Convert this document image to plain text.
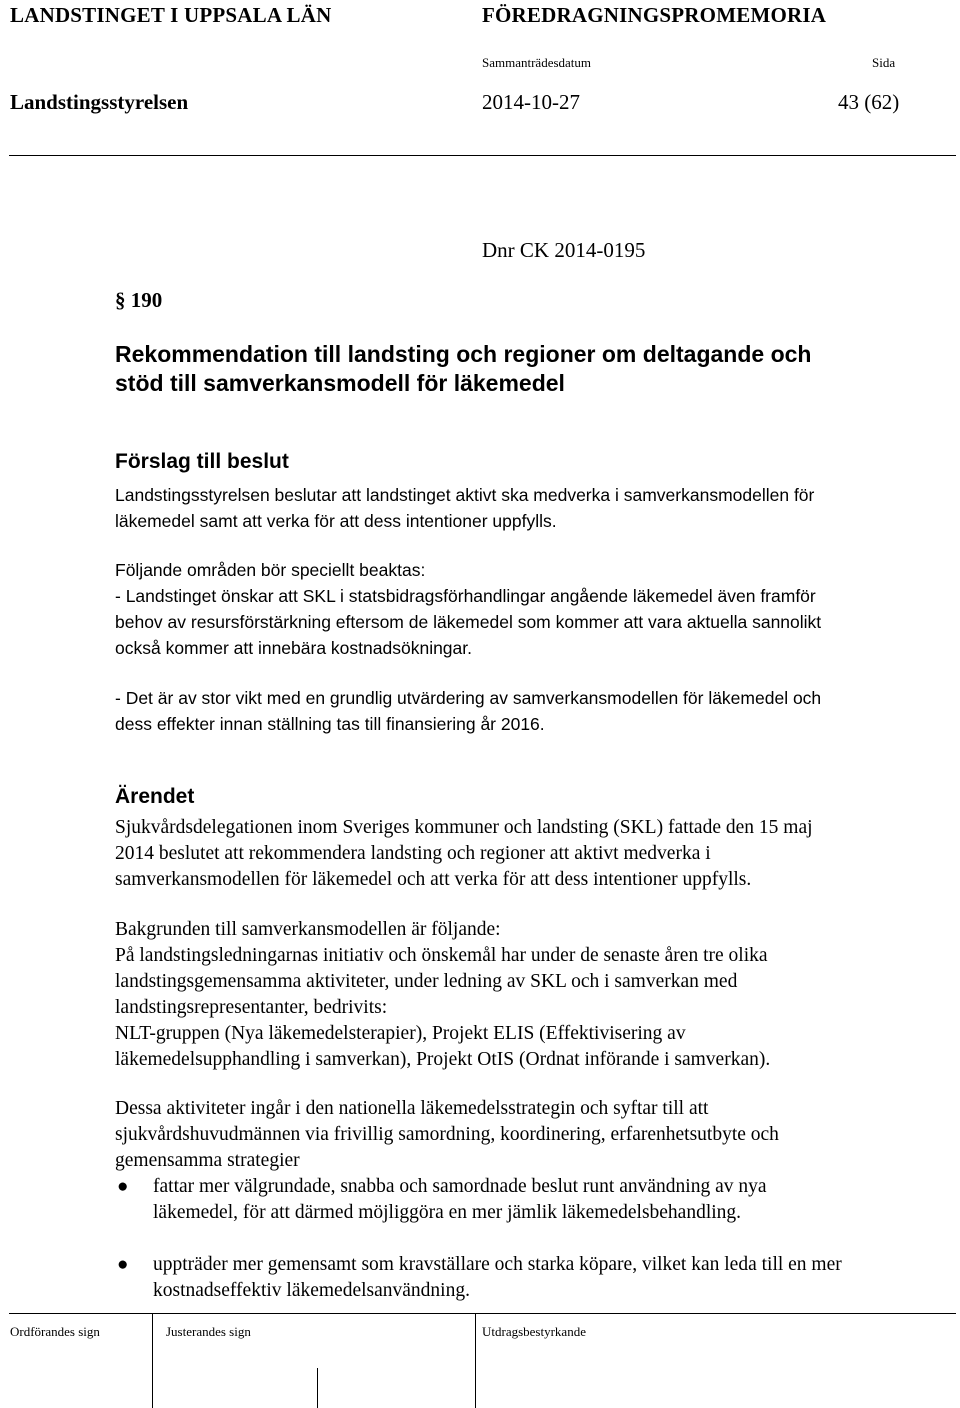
LANDSTINGET I UPPSALA LÄN	FÖREDRAGNINGSPROMEMORIA
Sammanträdesdatum	Sida
Landstingsstyrelsen	2014-10-27	43 (62)
Dnr CK 2014-0195
§ 190
Rekommendation till landsting och regioner om deltagande och
stöd till samverkansmodell för läkemedel
Förslag till beslut
Landstingsstyrelsen beslutar att landstinget aktivt ska medverka i samverkansmodellen för
läkemedel samt att verka för att dess intentioner uppfylls.
Följande områden bör speciellt beaktas:
- Landstinget önskar att SKL i statsbidragsförhandlingar angående läkemedel även framför
behov av resursförstärkning eftersom de läkemedel som kommer att vara aktuella sannolikt
också kommer att innebära kostnadsökningar.
- Det är av stor vikt med en grundlig utvärdering av samverkansmodellen för läkemedel och
dess effekter innan ställning tas till finansiering år 2016.
Ärendet
Sjukvårdsdelegationen inom Sveriges kommuner och landsting (SKL) fattade den 15 maj
2014 beslutet att rekommendera landsting och regioner att aktivt medverka i
samverkansmodellen för läkemedel och att verka för att dess intentioner uppfylls.
Bakgrunden till samverkansmodellen är följande:
På landstingsledningarnas initiativ och önskemål har under de senaste åren tre olika
landstingsgemensamma aktiviteter, under ledning av SKL och i samverkan med
landstingsrepresentanter, bedrivits:
NLT-gruppen (Nya läkemedelsterapier), Projekt ELIS (Effektivisering av
läkemedelsupphandling i samverkan), Projekt OtIS (Ordnat införande i samverkan).
Dessa aktiviteter ingår i den nationella läkemedelsstrategin och syftar till att
sjukvårdshuvudmännen via frivillig samordning, koordinering, erfarenhetsutbyte och
gemensamma strategier
● fattar mer välgrundade, snabba och samordnade beslut runt användning av nya
läkemedel, för att därmed möjliggöra en mer jämlik läkemedelsbehandling.
● uppträder mer gemensamt som kravställare och starka köpare, vilket kan leda till en mer
kostnadseffektiv läkemedelsanvändning.
Ordförandes sign	Justerandes sign	Utdragsbestyrkande
